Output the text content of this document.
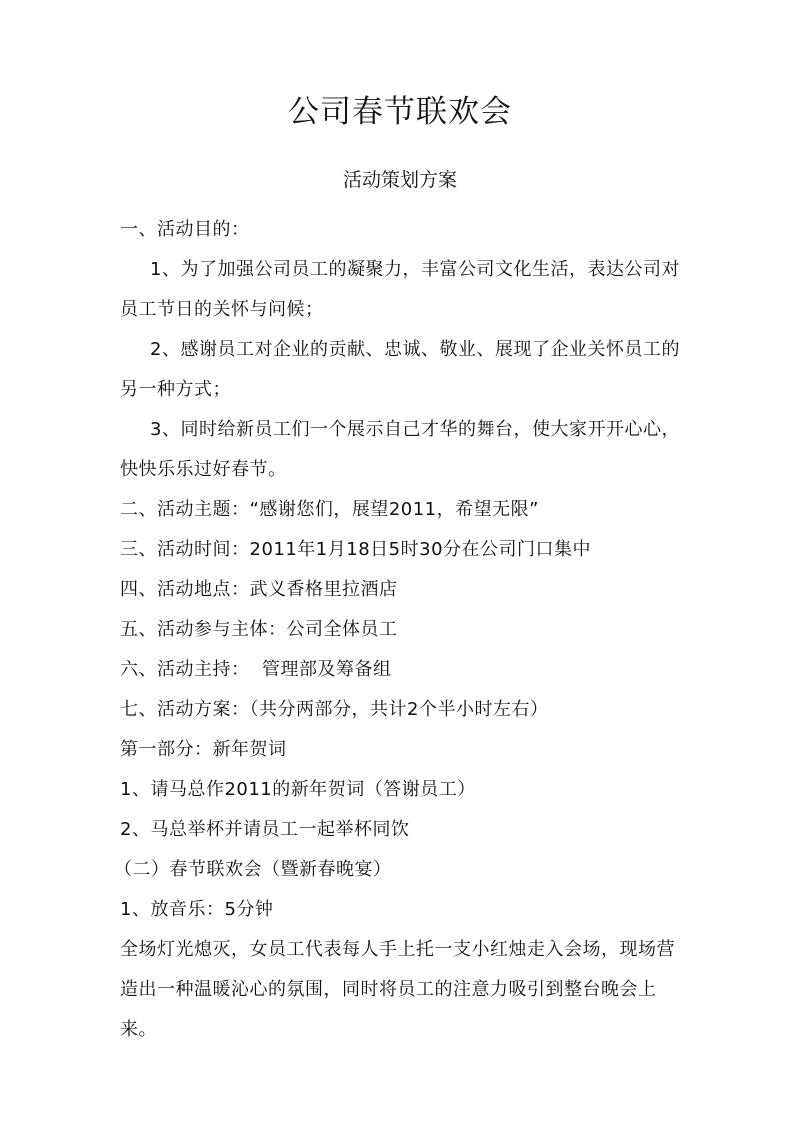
公司春节联欢会
活动策划方案
一、活动目的：
1、为了加强公司员工的凝聚力，丰富公司文化生活，表达公司对
员工节日的关怀与问候；
2、感谢员工对企业的贡献、忠诚、敬业、展现了企业关怀员工的
另一种方式；
3、同时给新员工们一个展示自己才华的舞台，使大家开开心心，
快快乐乐过好春节。
二、活动主题：“感谢您们，展望2011，希望无限”
三、活动时间：2011年1月18日5时30分在公司门口集中
四、活动地点：武义香格里拉酒店
五、活动参与主体：公司全体员工
六、活动主持：  管理部及筹备组
七、活动方案：（共分两部分，共计2个半小时左右）
第一部分：新年贺词
1、请马总作2011的新年贺词（答谢员工）
2、马总举杯并请员工一起举杯同饮
（二）春节联欢会（暨新春晚宴）
1、放音乐：5分钟
全场灯光熄灭，女员工代表每人手上托一支小红烛走入会场，现场营
造出一种温暖沁心的氛围，同时将员工的注意力吸引到整台晚会上
来。
